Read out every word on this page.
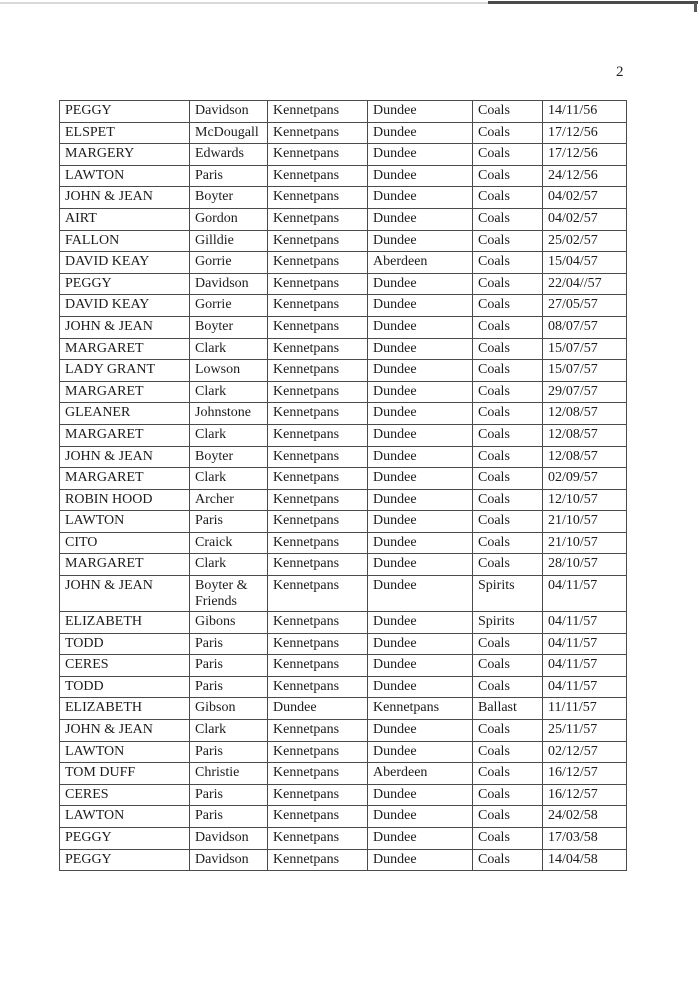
2
PEGGY	Davidson	Kennetpans	Dundee	Coals	14/11/56
ELSPET	McDougall	Kennetpans	Dundee	Coals	17/12/56
MARGERY	Edwards	Kennetpans	Dundee	Coals	17/12/56
LAWTON	Paris	Kennetpans	Dundee	Coals	24/12/56
JOHN & JEAN	Boyter	Kennetpans	Dundee	Coals	04/02/57
AIRT	Gordon	Kennetpans	Dundee	Coals	04/02/57
FALLON	Gilldie	Kennetpans	Dundee	Coals	25/02/57
DAVID KEAY	Gorrie	Kennetpans	Aberdeen	Coals	15/04/57
PEGGY	Davidson	Kennetpans	Dundee	Coals	22/04//57
DAVID KEAY	Gorrie	Kennetpans	Dundee	Coals	27/05/57
JOHN & JEAN	Boyter	Kennetpans	Dundee	Coals	08/07/57
MARGARET	Clark	Kennetpans	Dundee	Coals	15/07/57
LADY GRANT	Lowson	Kennetpans	Dundee	Coals	15/07/57
MARGARET	Clark	Kennetpans	Dundee	Coals	29/07/57
GLEANER	Johnstone	Kennetpans	Dundee	Coals	12/08/57
MARGARET	Clark	Kennetpans	Dundee	Coals	12/08/57
JOHN & JEAN	Boyter	Kennetpans	Dundee	Coals	12/08/57
MARGARET	Clark	Kennetpans	Dundee	Coals	02/09/57
ROBIN HOOD	Archer	Kennetpans	Dundee	Coals	12/10/57
LAWTON	Paris	Kennetpans	Dundee	Coals	21/10/57
CITO	Craick	Kennetpans	Dundee	Coals	21/10/57
MARGARET	Clark	Kennetpans	Dundee	Coals	28/10/57
JOHN & JEAN	Boyter & Friends	Kennetpans	Dundee	Spirits	04/11/57
ELIZABETH	Gibons	Kennetpans	Dundee	Spirits	04/11/57
TODD	Paris	Kennetpans	Dundee	Coals	04/11/57
CERES	Paris	Kennetpans	Dundee	Coals	04/11/57
TODD	Paris	Kennetpans	Dundee	Coals	04/11/57
ELIZABETH	Gibson	Dundee	Kennetpans	Ballast	11/11/57
JOHN & JEAN	Clark	Kennetpans	Dundee	Coals	25/11/57
LAWTON	Paris	Kennetpans	Dundee	Coals	02/12/57
TOM DUFF	Christie	Kennetpans	Aberdeen	Coals	16/12/57
CERES	Paris	Kennetpans	Dundee	Coals	16/12/57
LAWTON	Paris	Kennetpans	Dundee	Coals	24/02/58
PEGGY	Davidson	Kennetpans	Dundee	Coals	17/03/58
PEGGY	Davidson	Kennetpans	Dundee	Coals	14/04/58
